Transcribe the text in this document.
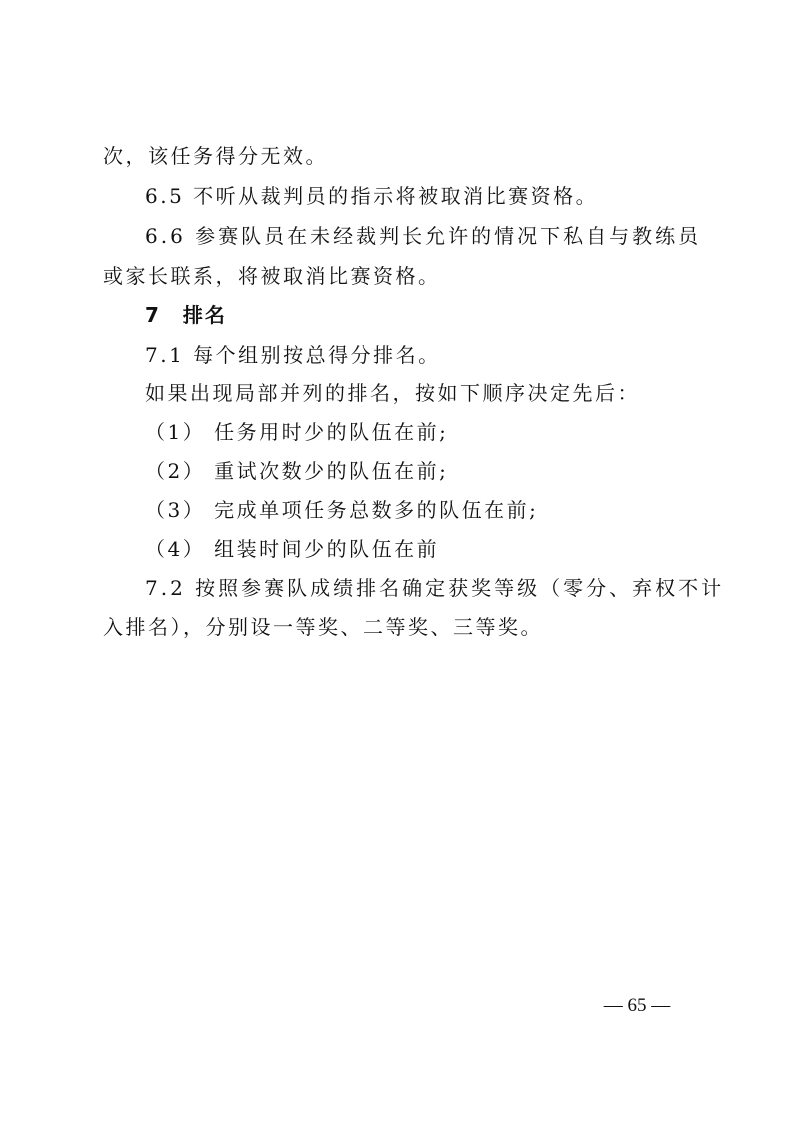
次，该任务得分无效。
6.5 不听从裁判员的指示将被取消比赛资格。
6.6 参赛队员在未经裁判长允许的情况下私自与教练员
或家长联系，将被取消比赛资格。
7　排名
7.1 每个组别按总得分排名。
如果出现局部并列的排名，按如下顺序决定先后：
（1） 任务用时少的队伍在前;
（2） 重试次数少的队伍在前;
（3） 完成单项任务总数多的队伍在前;
（4） 组装时间少的队伍在前
7.2 按照参赛队成绩排名确定获奖等级（零分、弃权不计
入排名），分别设一等奖、二等奖、三等奖。
— 65 —
